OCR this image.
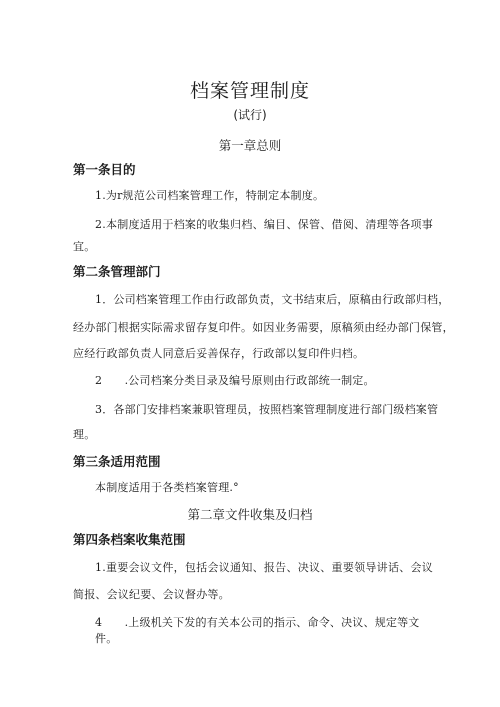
档案管理制度
(试行)
第一章总则
第一条目的
1.为r规范公司档案管理工作，特制定本制度。
2.本制度适用于档案的收集归档、编目、保管、借阅、清理等各项事
宜。
第二条管理部门
1．公司档案管理工作由行政部负责，文书结束后，原稿由行政部归档，
经办部门根据实际需求留存复印件。如因业务需要，原稿须由经办部门保管，
应经行政部负责人同意后妥善保存，行政部以复印件归档。
2　　.公司档案分类目录及编号原则由行政部统一制定。
3．各部门安排档案兼职管理员，按照档案管理制度进行部门级档案管
理。
第三条适用范围
本制度适用于各类档案管理.°
第二章文件收集及归档
第四条档案收集范围
1.重要会议文件，包括会议通知、报告、决议、重要领导讲话、会议
简报、会议纪要、会议督办等。
4　　.上级机关下发的有关本公司的指示、命令、决议、规定等文
件。
